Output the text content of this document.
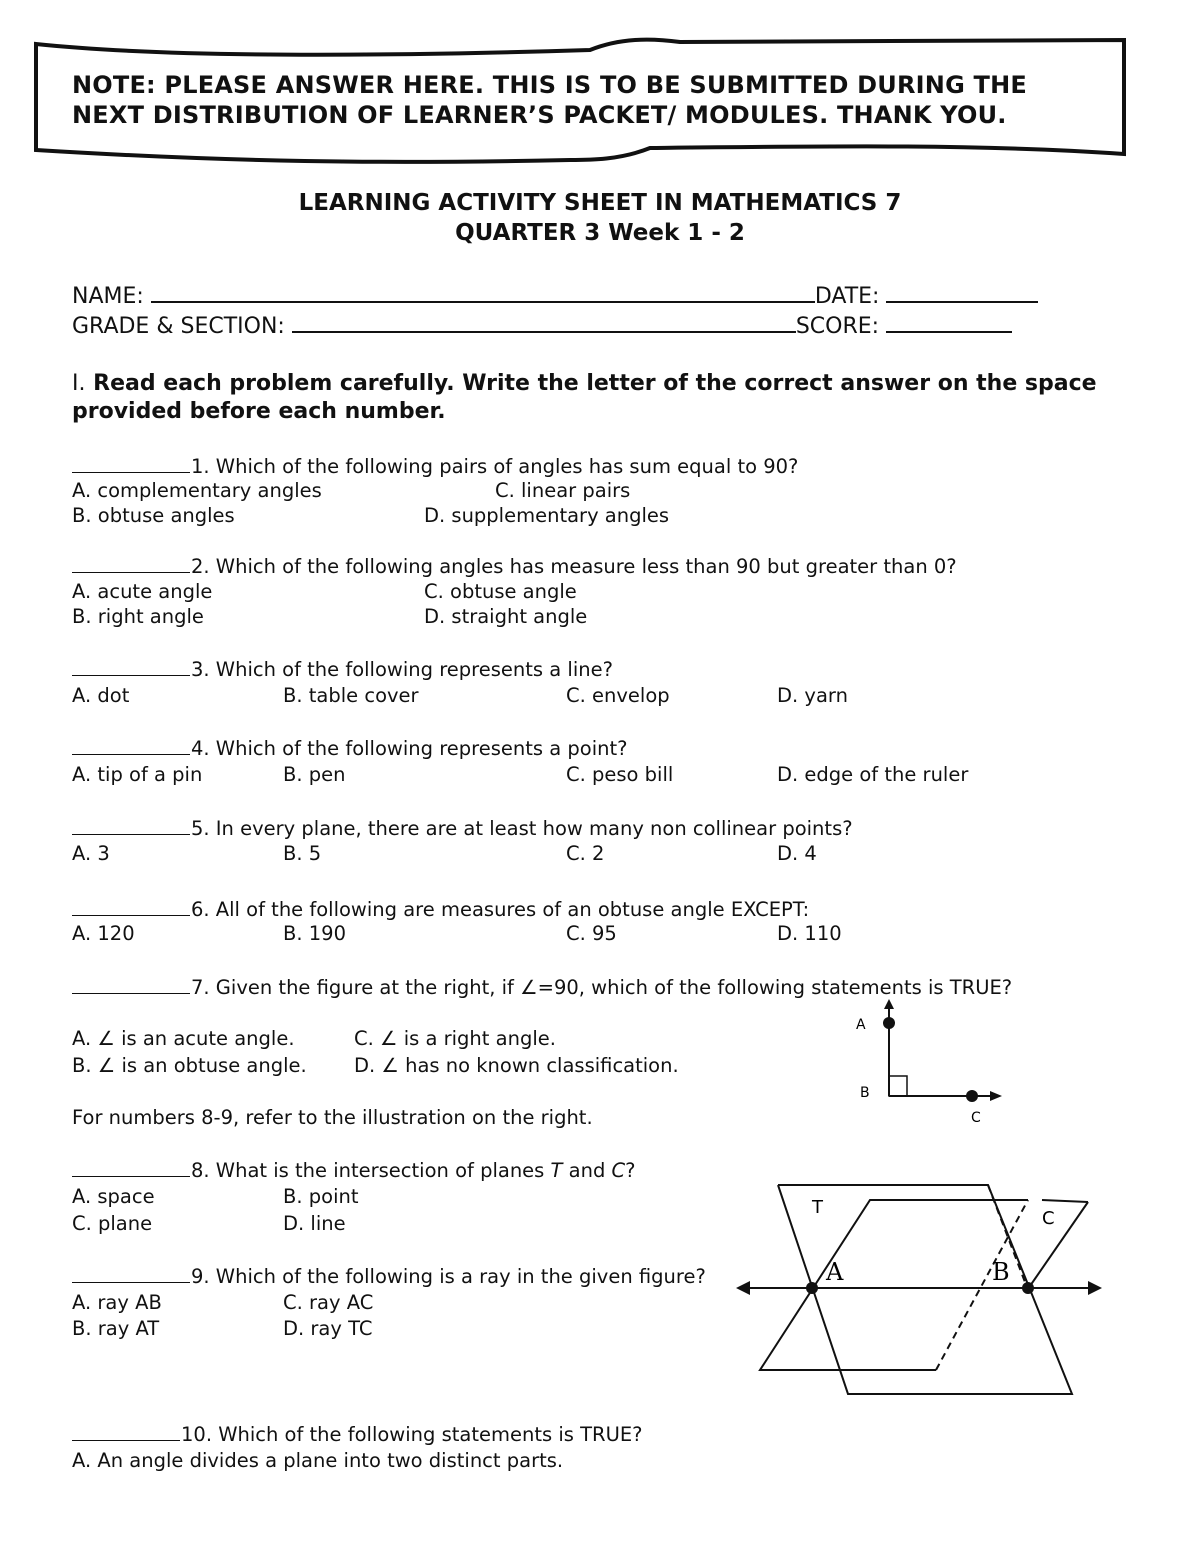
NOTE: PLEASE ANSWER HERE. THIS IS TO BE SUBMITTED DURING THE
NEXT DISTRIBUTION OF LEARNER’S PACKET/ MODULES. THANK YOU.
LEARNING ACTIVITY SHEET IN MATHEMATICS 7
QUARTER 3 Week 1 - 2
NAME:	DATE:
GRADE & SECTION:	SCORE:
I. Read each problem carefully. Write the letter of the correct answer on the space provided before each number.
1. Which of the following pairs of angles has sum equal to 90?
A. complementary angles	C. linear pairs
B. obtuse angles	D. supplementary angles
2. Which of the following angles has measure less than 90 but greater than 0?
A. acute angle	C. obtuse angle
B. right angle	D. straight angle
3. Which of the following represents a line?
A. dot	B. table cover	C. envelop	D. yarn
4. Which of the following represents a point?
A. tip of a pin	B. pen	C. peso bill	D. edge of the ruler
5. In every plane, there are at least how many non collinear points?
A. 3	B. 5	C. 2	D. 4
6. All of the following are measures of an obtuse angle EXCEPT:
A. 120	B. 190	C. 95	D. 110
7. Given the figure at the right, if ∠=90, which of the following statements is TRUE?
A. ∠ is an acute angle.	C. ∠ is a right angle.
B. ∠ is an obtuse angle. D. ∠ has no known classification.
A
B
C
For numbers 8-9, refer to the illustration on the right.
8. What is the intersection of planes T and C?
A. space	B. point
C. plane	D. line
T
C
A	B
9. Which of the following is a ray in the given figure?
A. ray AB	C. ray AC
B. ray AT	D. ray TC
10. Which of the following statements is TRUE?
A. An angle divides a plane into two distinct parts.
